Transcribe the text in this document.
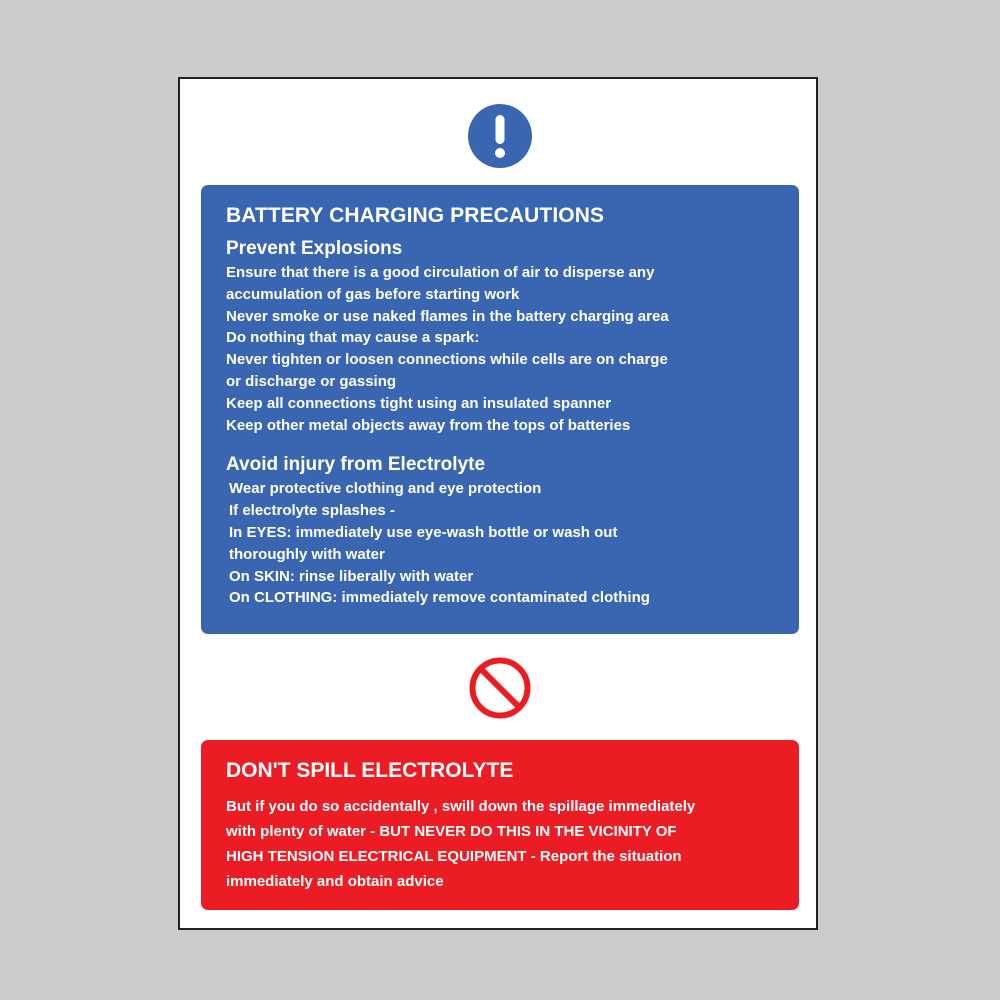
BATTERY CHARGING PRECAUTIONS
Prevent Explosions
Ensure that there is a good circulation of air to disperse any
accumulation of gas before starting work
Never smoke or use naked flames in the battery charging area
Do nothing that may cause a spark:
Never tighten or loosen connections while cells are on charge
or discharge or gassing
Keep all connections tight using an insulated spanner
Keep other metal objects away from the tops of batteries
Avoid injury from Electrolyte
Wear protective clothing and eye protection
If electrolyte splashes -
In EYES: immediately use eye-wash bottle or wash out
thoroughly with water
On SKIN: rinse liberally with water
On CLOTHING: immediately remove contaminated clothing
DON'T SPILL ELECTROLYTE
But if you do so accidentally , swill down the spillage immediately
with plenty of water - BUT NEVER DO THIS IN THE VICINITY OF
HIGH TENSION ELECTRICAL EQUIPMENT - Report the situation
immediately and obtain advice
